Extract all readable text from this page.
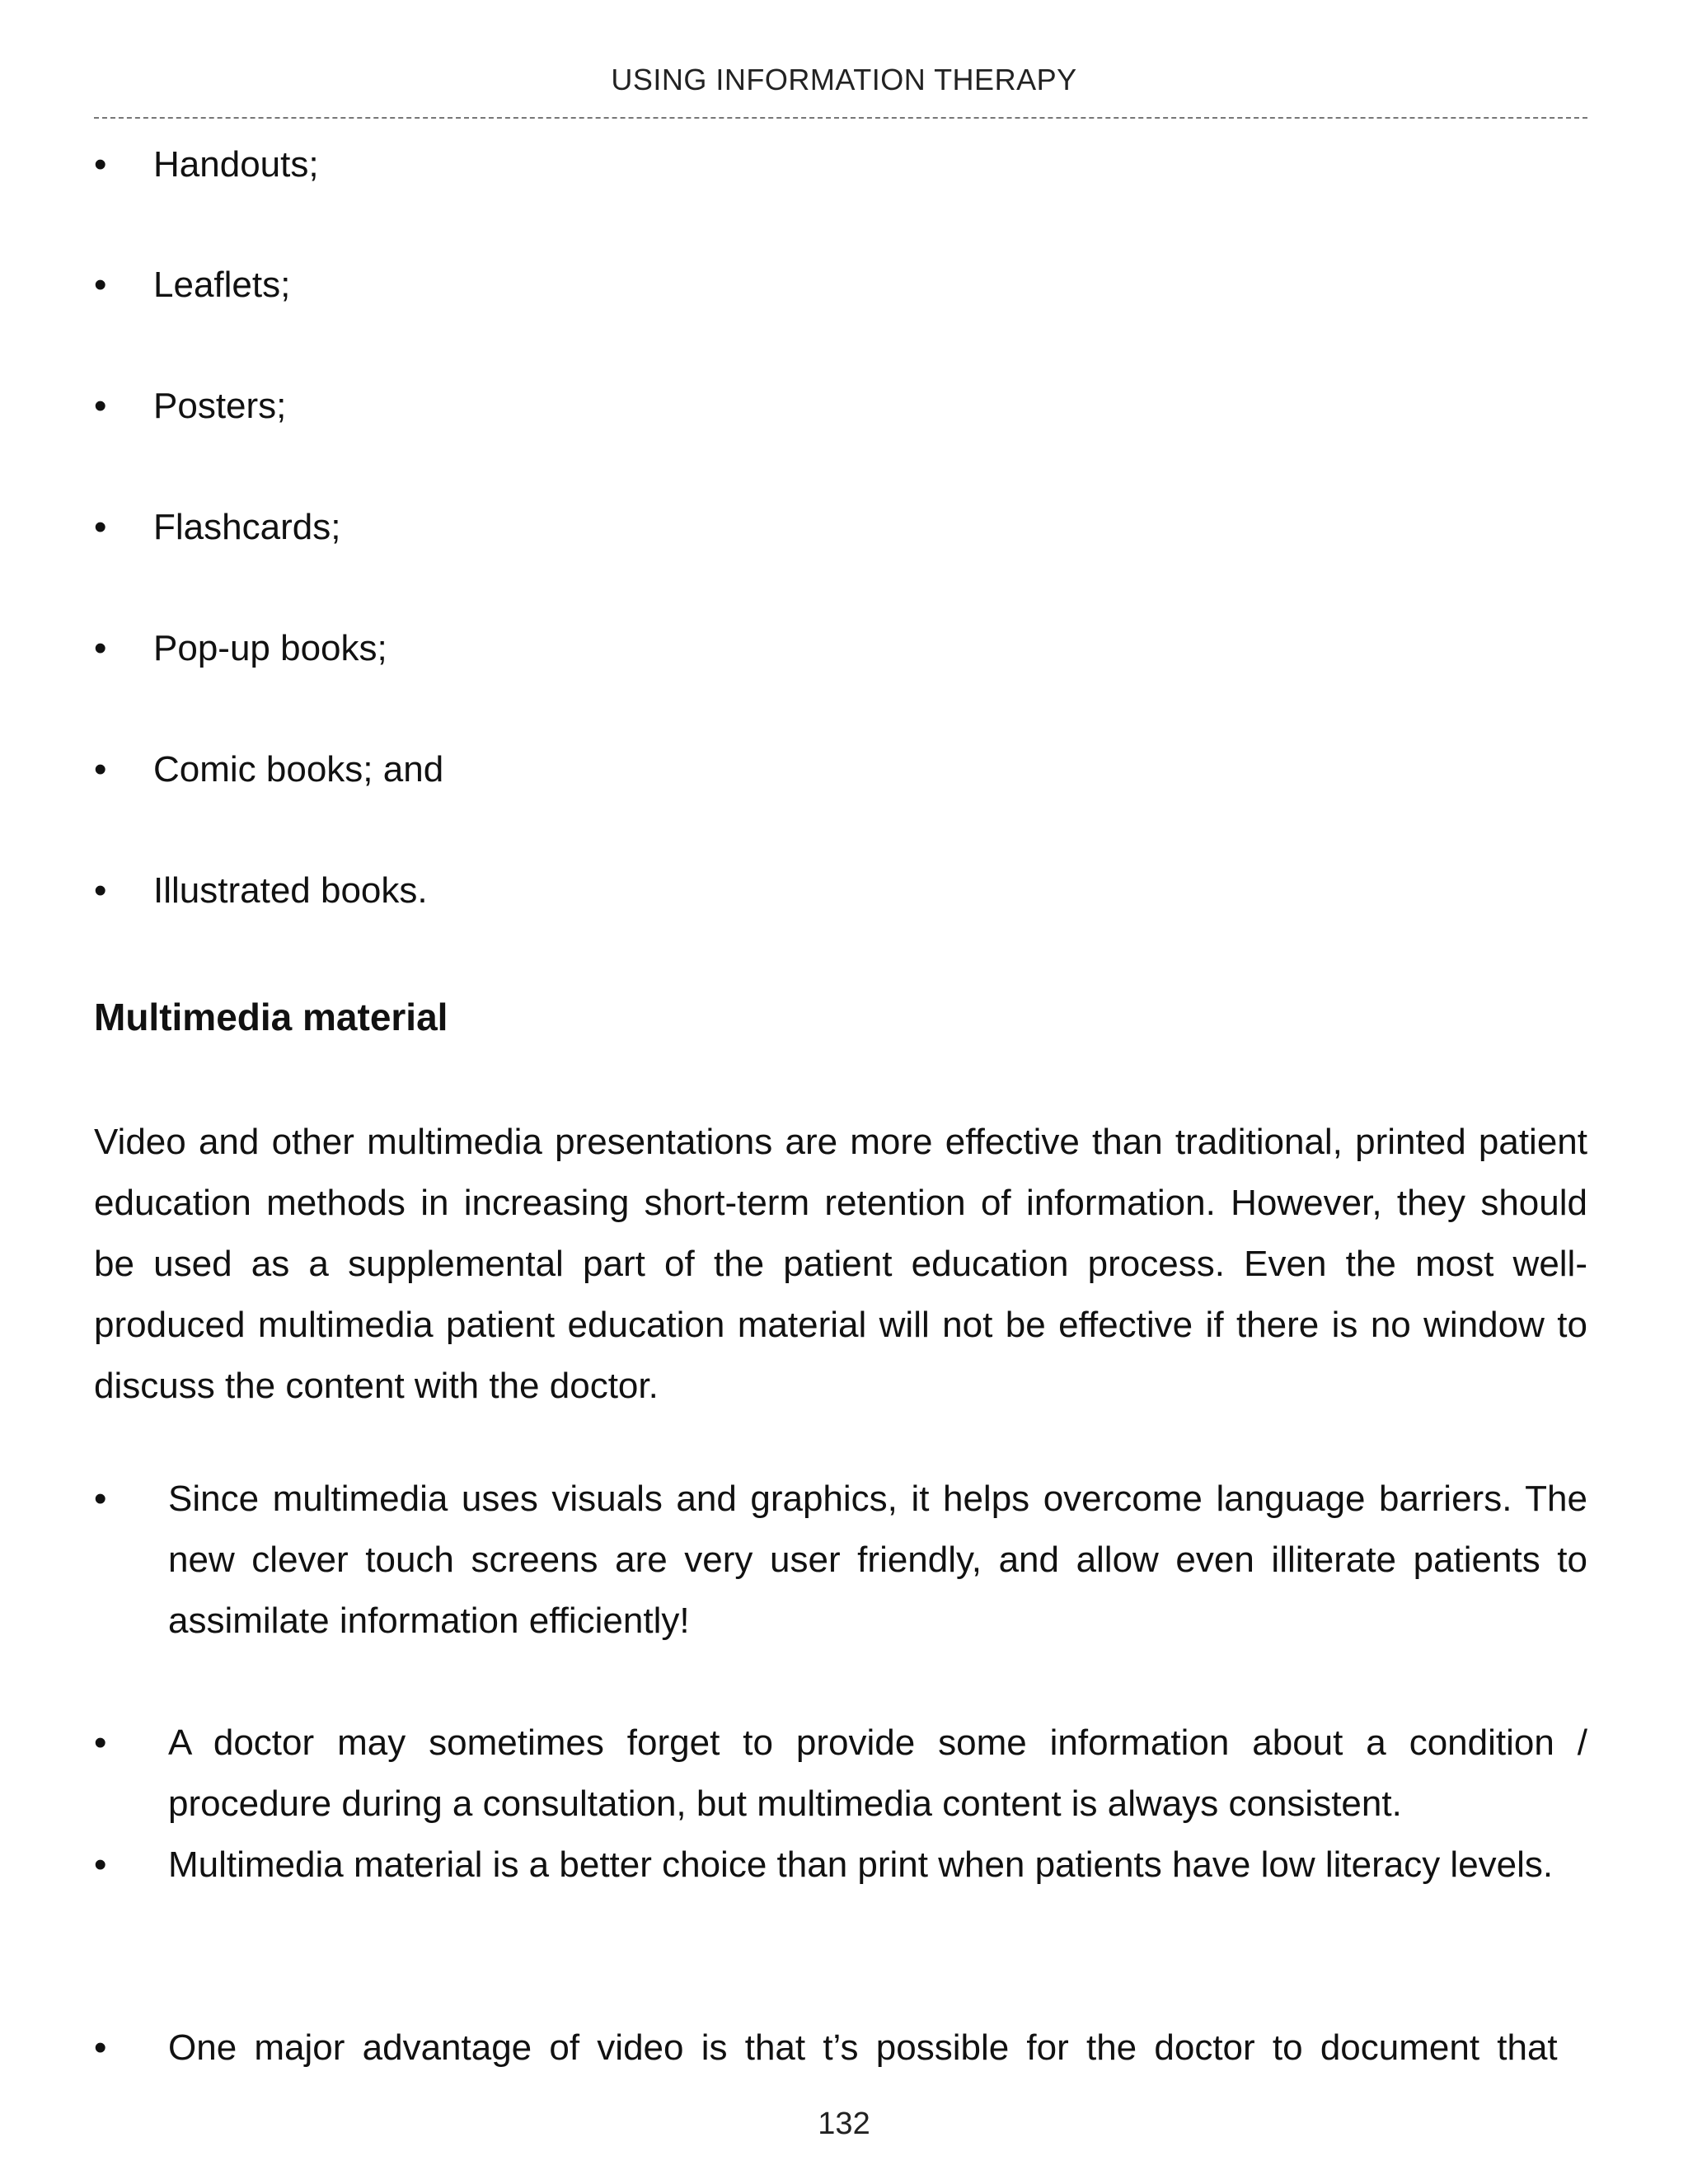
USING INFORMATION THERAPY
•	Handouts;
•	Leaflets;
•	Posters;
•	Flashcards;
•	Pop-up books;
•	Comic books; and
•	Illustrated books.
Multimedia material
Video and other multimedia presentations are more effective than traditional, printed patient education methods in increasing short-term retention of information. However, they should be used as a supplemental part of the patient education process. Even the most well-produced multimedia patient education material will not be effective if there is no window to discuss the content with the doctor.
• Since multimedia uses visuals and graphics, it helps overcome language barriers. The new clever touch screens are very user friendly, and allow even illiterate patients to assimilate information efficiently!
• A doctor may sometimes forget to provide some information about a condition / procedure during a consultation, but multimedia content is always consistent.
• Multimedia material is a better choice than print when patients have low literacy levels.
• One major advantage of video is that t’s possible for the doctor to document that
132
